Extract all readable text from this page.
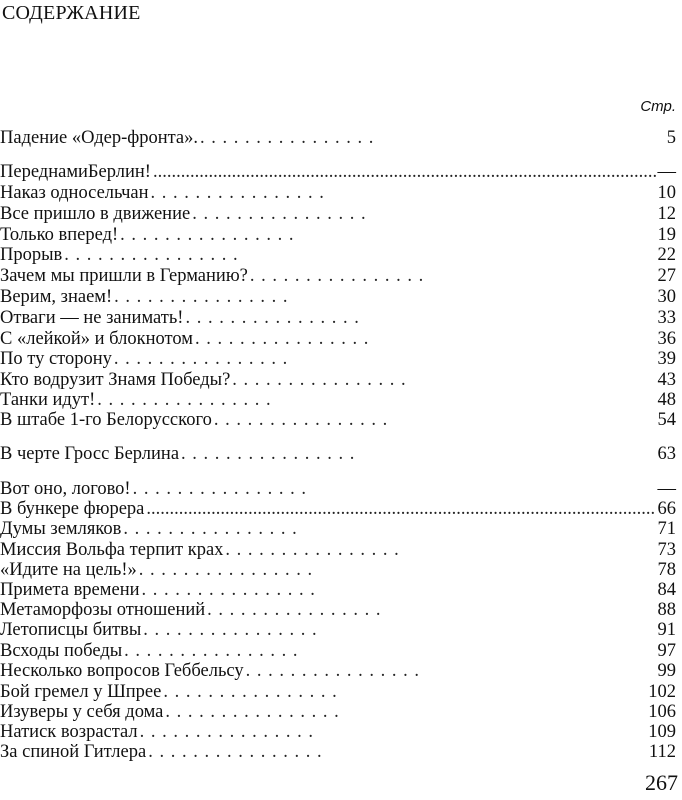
СОДЕРЖАНИЕ
Стр.
Падение «Одер-фронта». .	5
ПереднамиБерлин! .....	—
Наказ односельчан .	10
Все пришло в движение .	12
Только вперед! .	19
Прорыв .	22
Зачем мы пришли в Германию? .	27
Верим, знаем! .	30
Отваги — не занимать! .	33
С «лейкой» и блокнотом .	36
По ту сторону .	39
Кто водрузит Знамя Победы? .	43
Танки идут! .	48
В штабе 1-го Белорусского .	54
В черте Гросс Берлина .	63
Вот оно, логово! .	—
В бункере фюрера .....	66
Думы земляков .	71
Миссия Вольфа терпит крах .	73
«Идите на цель!» .	78
Примета времени .	84
Метаморфозы отношений .	88
Летописцы битвы .	91
Всходы победы .	97
Несколько вопросов Геббельсу .	99
Бой гремел у Шпрее .	102
Изуверы у себя дома .	106
Натиск возрастал .	109
За спиной Гитлера .	112
267
